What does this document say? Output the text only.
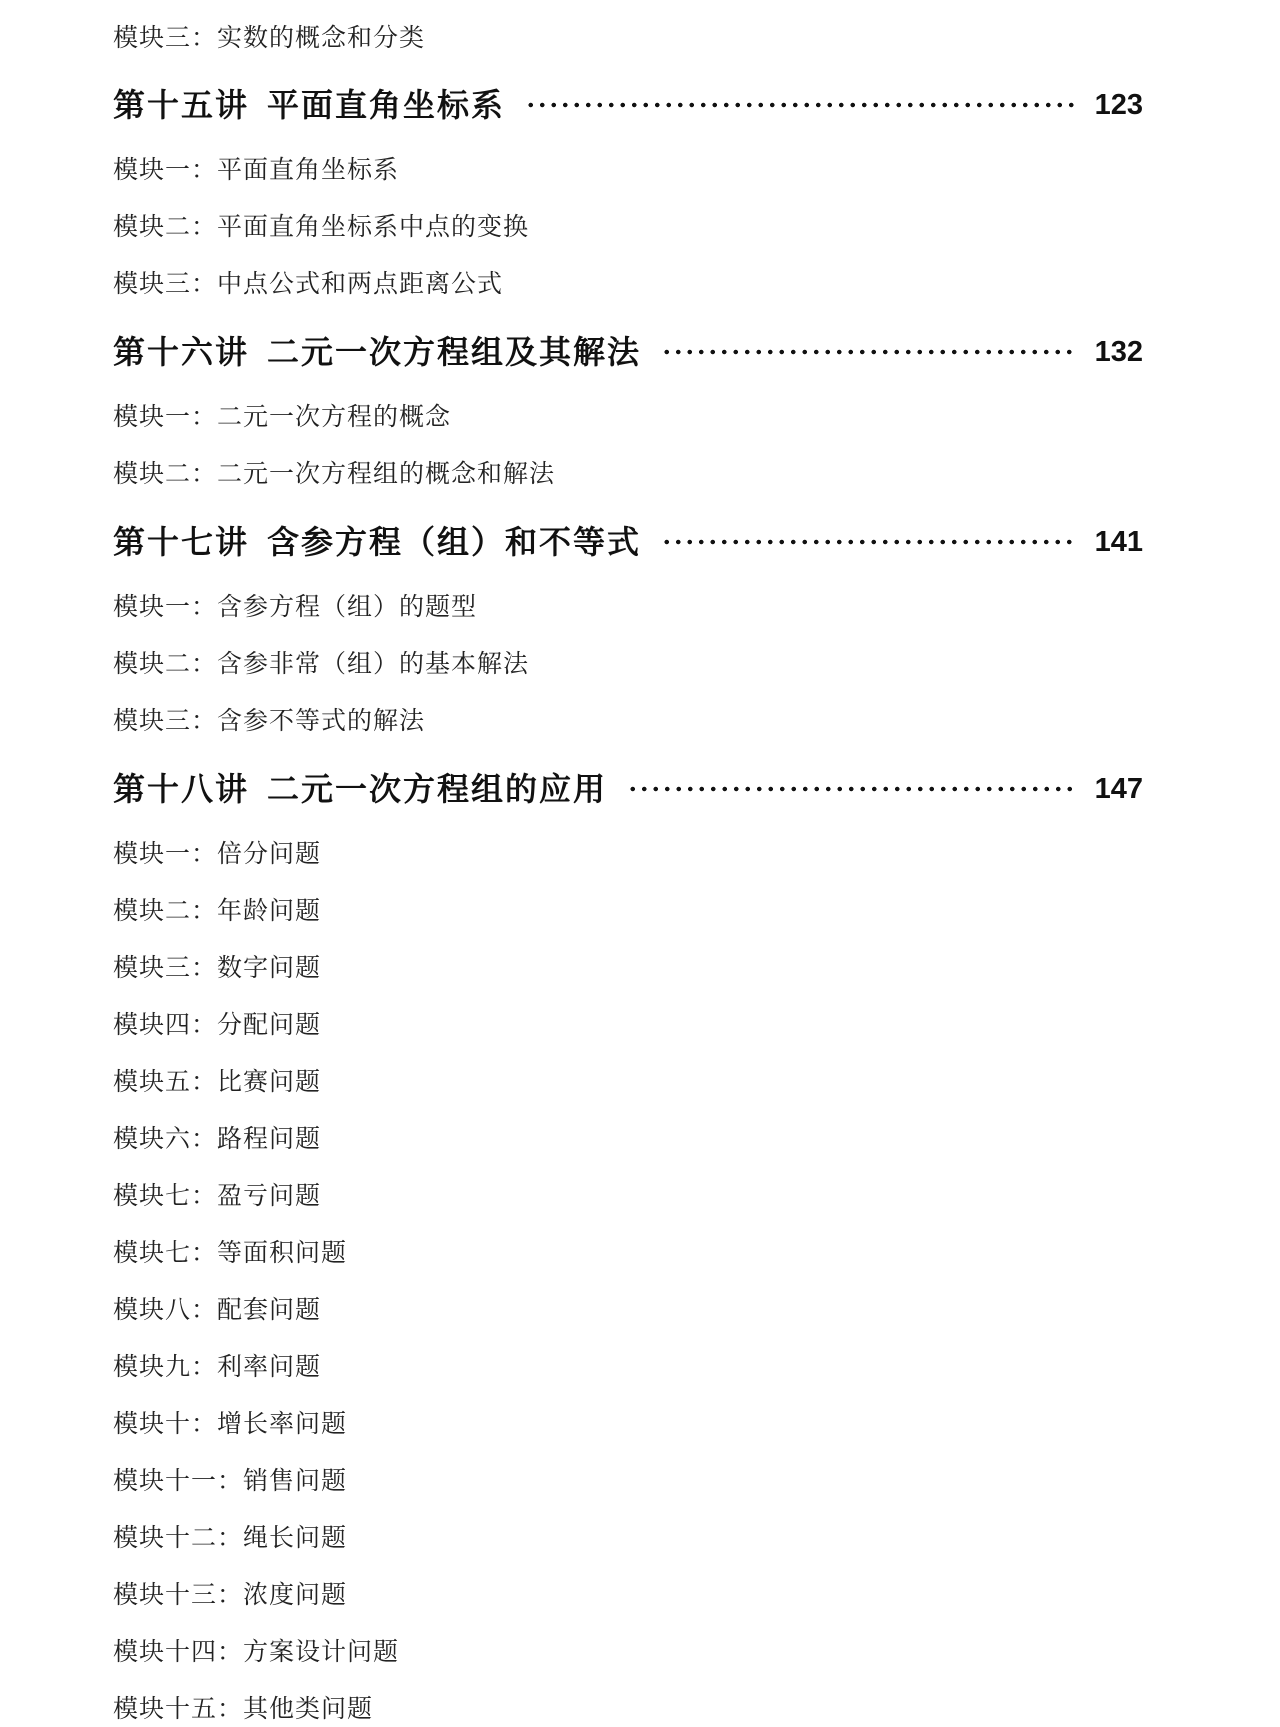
模块三：实数的概念和分类
第十五讲 平面直角坐标系	123
模块一：平面直角坐标系
模块二：平面直角坐标系中点的变换
模块三：中点公式和两点距离公式
第十六讲 二元一次方程组及其解法	132
模块一：二元一次方程的概念
模块二：二元一次方程组的概念和解法
第十七讲 含参方程（组）和不等式	141
模块一：含参方程（组）的题型
模块二：含参非常（组）的基本解法
模块三：含参不等式的解法
第十八讲 二元一次方程组的应用	147
模块一：倍分问题
模块二：年龄问题
模块三：数字问题
模块四：分配问题
模块五：比赛问题
模块六：路程问题
模块七：盈亏问题
模块七：等面积问题
模块八：配套问题
模块九：利率问题
模块十：增长率问题
模块十一：销售问题
模块十二：绳长问题
模块十三：浓度问题
模块十四：方案设计问题
模块十五：其他类问题
